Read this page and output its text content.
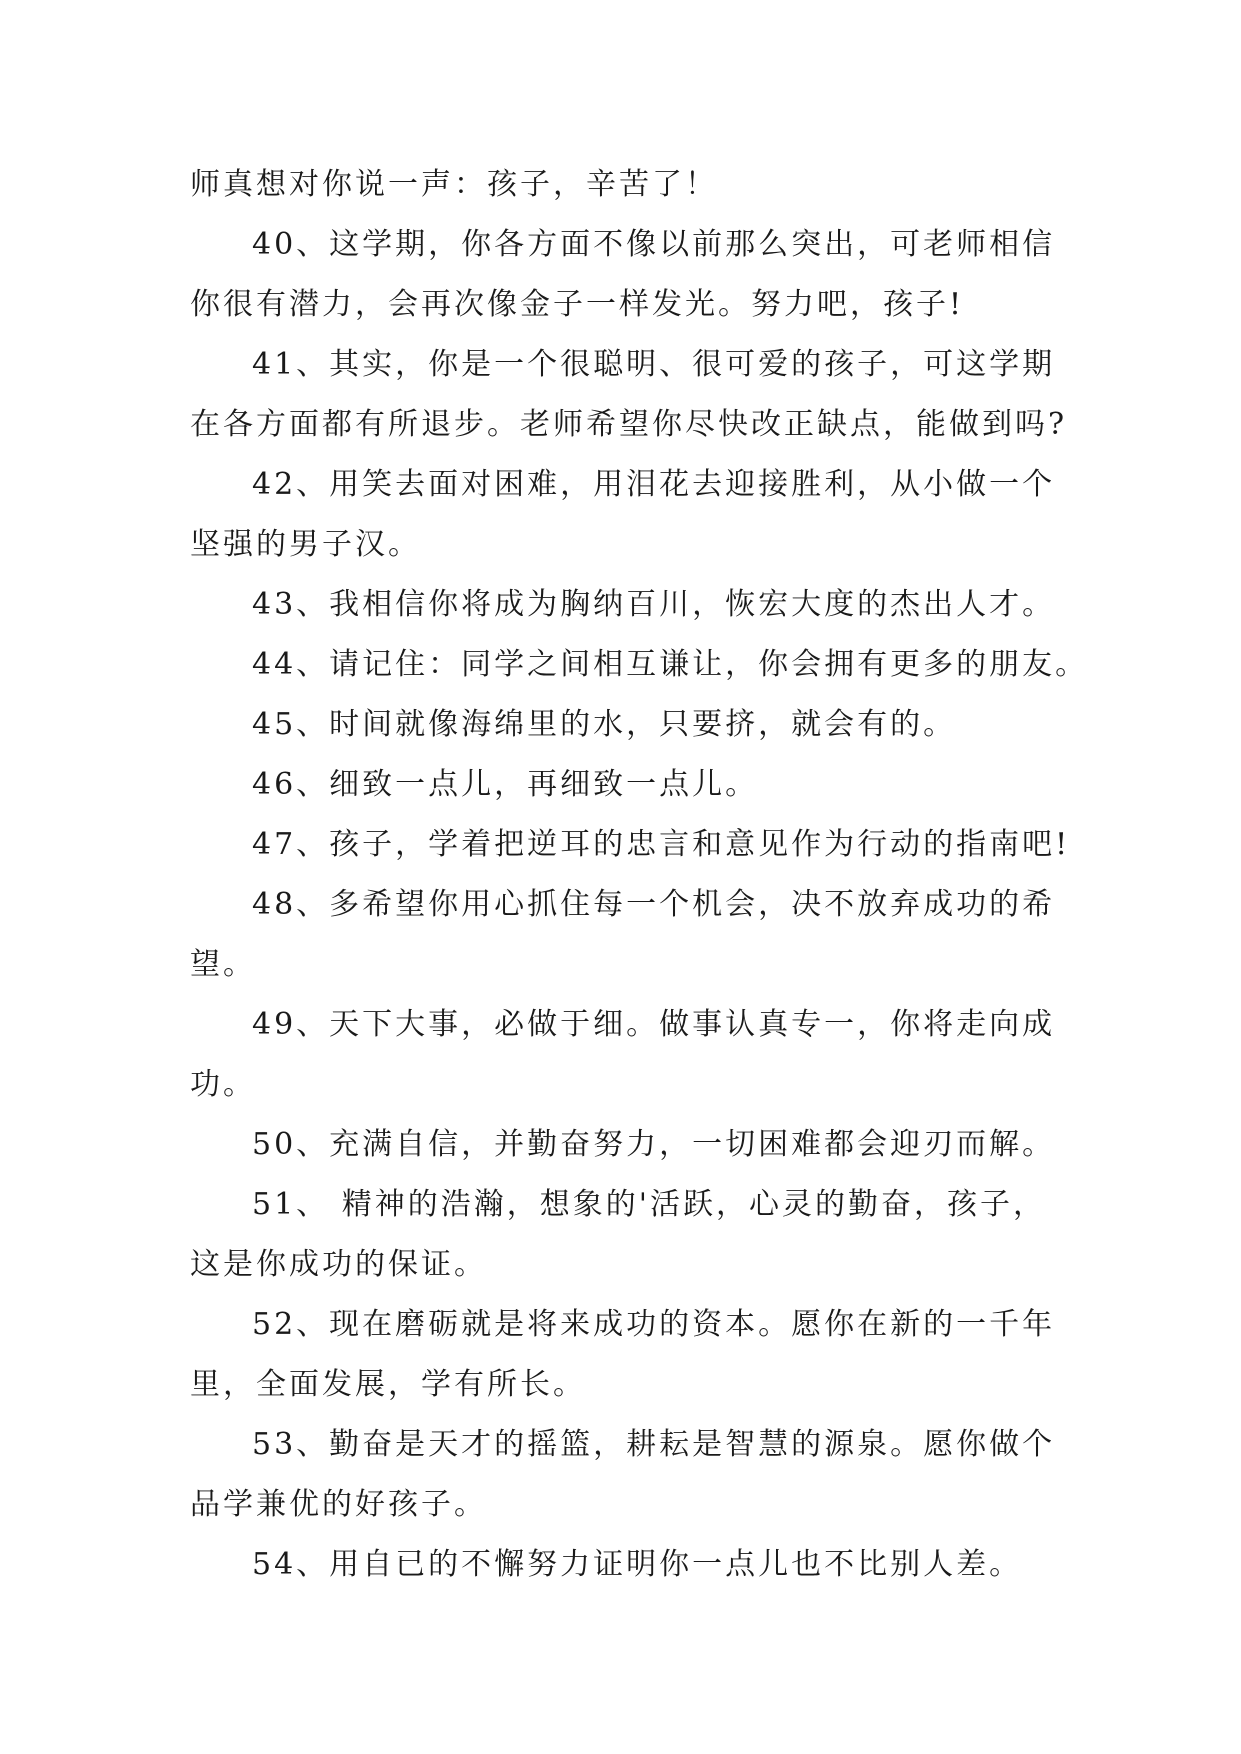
师真想对你说一声：孩子，辛苦了！

40、这学期，你各方面不像以前那么突出，可老师相信

你很有潜力，会再次像金子一样发光。努力吧，孩子!

41、其实，你是一个很聪明、很可爱的孩子，可这学期

在各方面都有所退步。老师希望你尽快改正缺点，能做到吗?

42、用笑去面对困难，用泪花去迎接胜利，从小做一个

坚强的男子汉。

43、我相信你将成为胸纳百川，恢宏大度的杰出人才。

44、请记住：同学之间相互谦让，你会拥有更多的朋友。

45、时间就像海绵里的水，只要挤，就会有的。

46、细致一点儿，再细致一点儿。

47、孩子，学着把逆耳的忠言和意见作为行动的指南吧!

48、多希望你用心抓住每一个机会，决不放弃成功的希

望。

49、天下大事，必做于细。做事认真专一，你将走向成

功。

50、充满自信，并勤奋努力，一切困难都会迎刃而解。

51、 精神的浩瀚，想象的'活跃，心灵的勤奋，孩子，

这是你成功的保证。

52、现在磨砺就是将来成功的资本。愿你在新的一千年

里，全面发展，学有所长。

53、勤奋是天才的摇篮，耕耘是智慧的源泉。愿你做个

品学兼优的好孩子。

54、用自已的不懈努力证明你一点儿也不比别人差。
